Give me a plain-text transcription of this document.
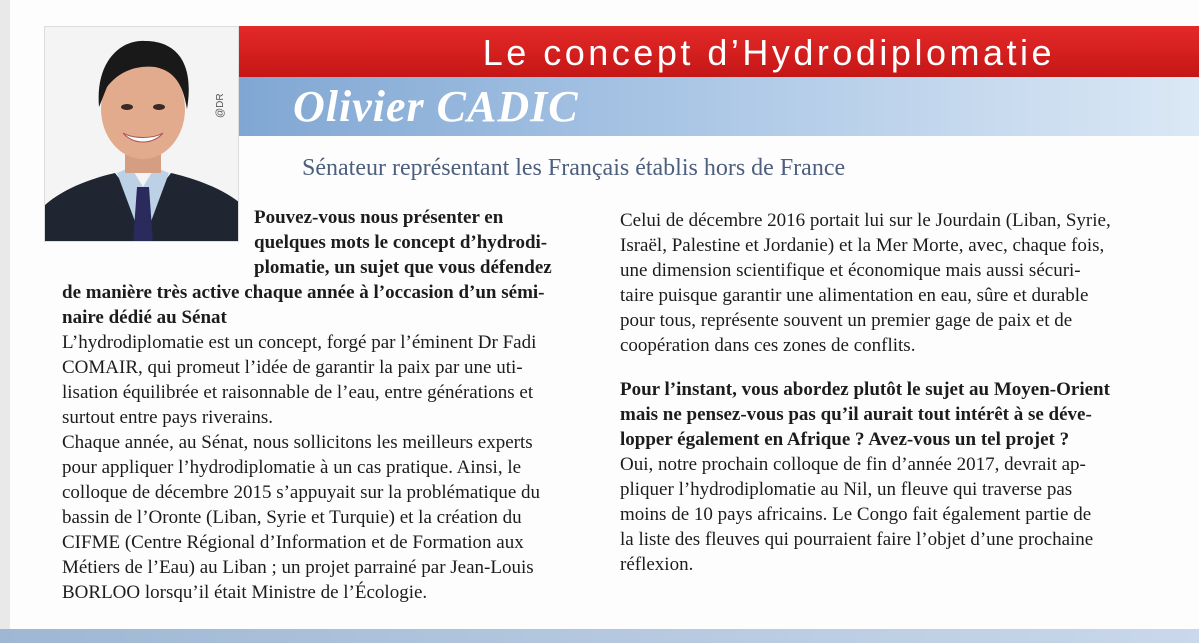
@DR
Le concept d’Hydrodiplomatie
Olivier CADIC
Sénateur représentant les Français établis hors de France

Pouvez-vous nous présenter en

quelques mots le concept d’hydrodi-

plomatie, un sujet que vous défendez

de manière très active chaque année à l’occasion d’un sémi-

naire dédié au Sénat

L’hydrodiplomatie est un concept, forgé par l’éminent Dr Fadi

COMAIR, qui promeut l’idée de garantir la paix par une uti-

lisation équilibrée et raisonnable de l’eau, entre générations et

surtout entre pays riverains.

Chaque année, au Sénat, nous sollicitons les meilleurs experts

pour appliquer l’hydrodiplomatie à un cas pratique. Ainsi, le

colloque de décembre 2015 s’appuyait sur la problématique du

bassin de l’Oronte (Liban, Syrie et Turquie) et la création du

CIFME (Centre Régional d’Information et de Formation aux

Métiers de l’Eau) au Liban ; un projet parrainé par Jean-Louis

BORLOO lorsqu’il était Ministre de l’Écologie.

Celui de décembre 2016 portait lui sur le Jourdain (Liban, Syrie,

Israël, Palestine et Jordanie) et la Mer Morte, avec, chaque fois,

une dimension scientifique et économique mais aussi sécuri-

taire puisque garantir une alimentation en eau, sûre et durable

pour tous, représente souvent un premier gage de paix et de

coopération dans ces zones de conflits.

Pour l’instant, vous abordez plutôt le sujet au Moyen-Orient

mais ne pensez-vous pas qu’il aurait tout intérêt à se déve-

lopper également en Afrique ? Avez-vous un tel projet ?

Oui, notre prochain colloque de fin d’année 2017, devrait ap-

pliquer l’hydrodiplomatie au Nil, un fleuve qui traverse pas

moins de 10 pays africains. Le Congo fait également partie de

la liste des fleuves qui pourraient faire l’objet d’une prochaine

réflexion.
